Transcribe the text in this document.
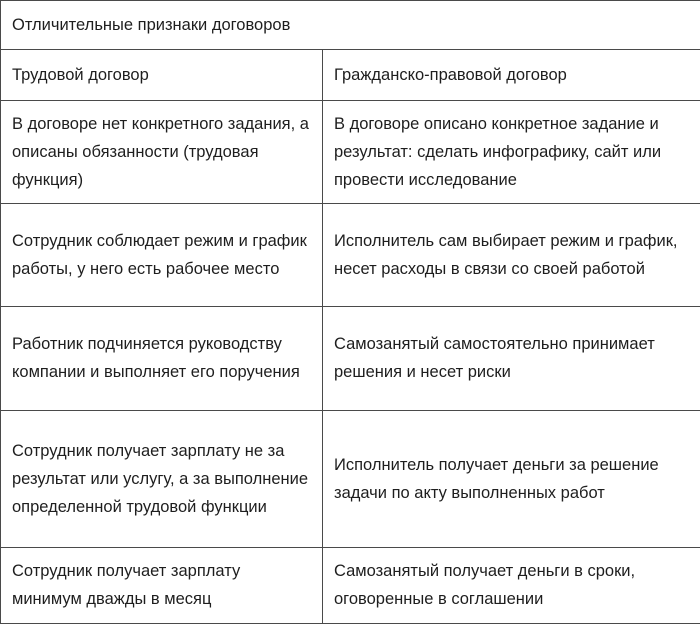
Отличительные признаки договоров	
Трудовой договор	Гражданско-правовой договор
В договоре нет конкретного задания, а описаны обязанности (трудовая функция)	В договоре описано конкретное задание и результат: сделать инфографику, сайт или провести исследование
Сотрудник соблюдает режим и график работы, у него есть рабочее место	Исполнитель сам выбирает режим и график, несет расходы в связи со своей работой
Работник подчиняется руководству компании и выполняет его поручения	Самозанятый самостоятельно принимает решения и несет риски
Сотрудник получает зарплату не за результат или услугу, а за выполнение определенной трудовой функции	Исполнитель получает деньги за решение задачи по акту выполненных работ
Сотрудник получает зарплату минимум дважды в месяц	Самозанятый получает деньги в сроки, оговоренные в соглашении
